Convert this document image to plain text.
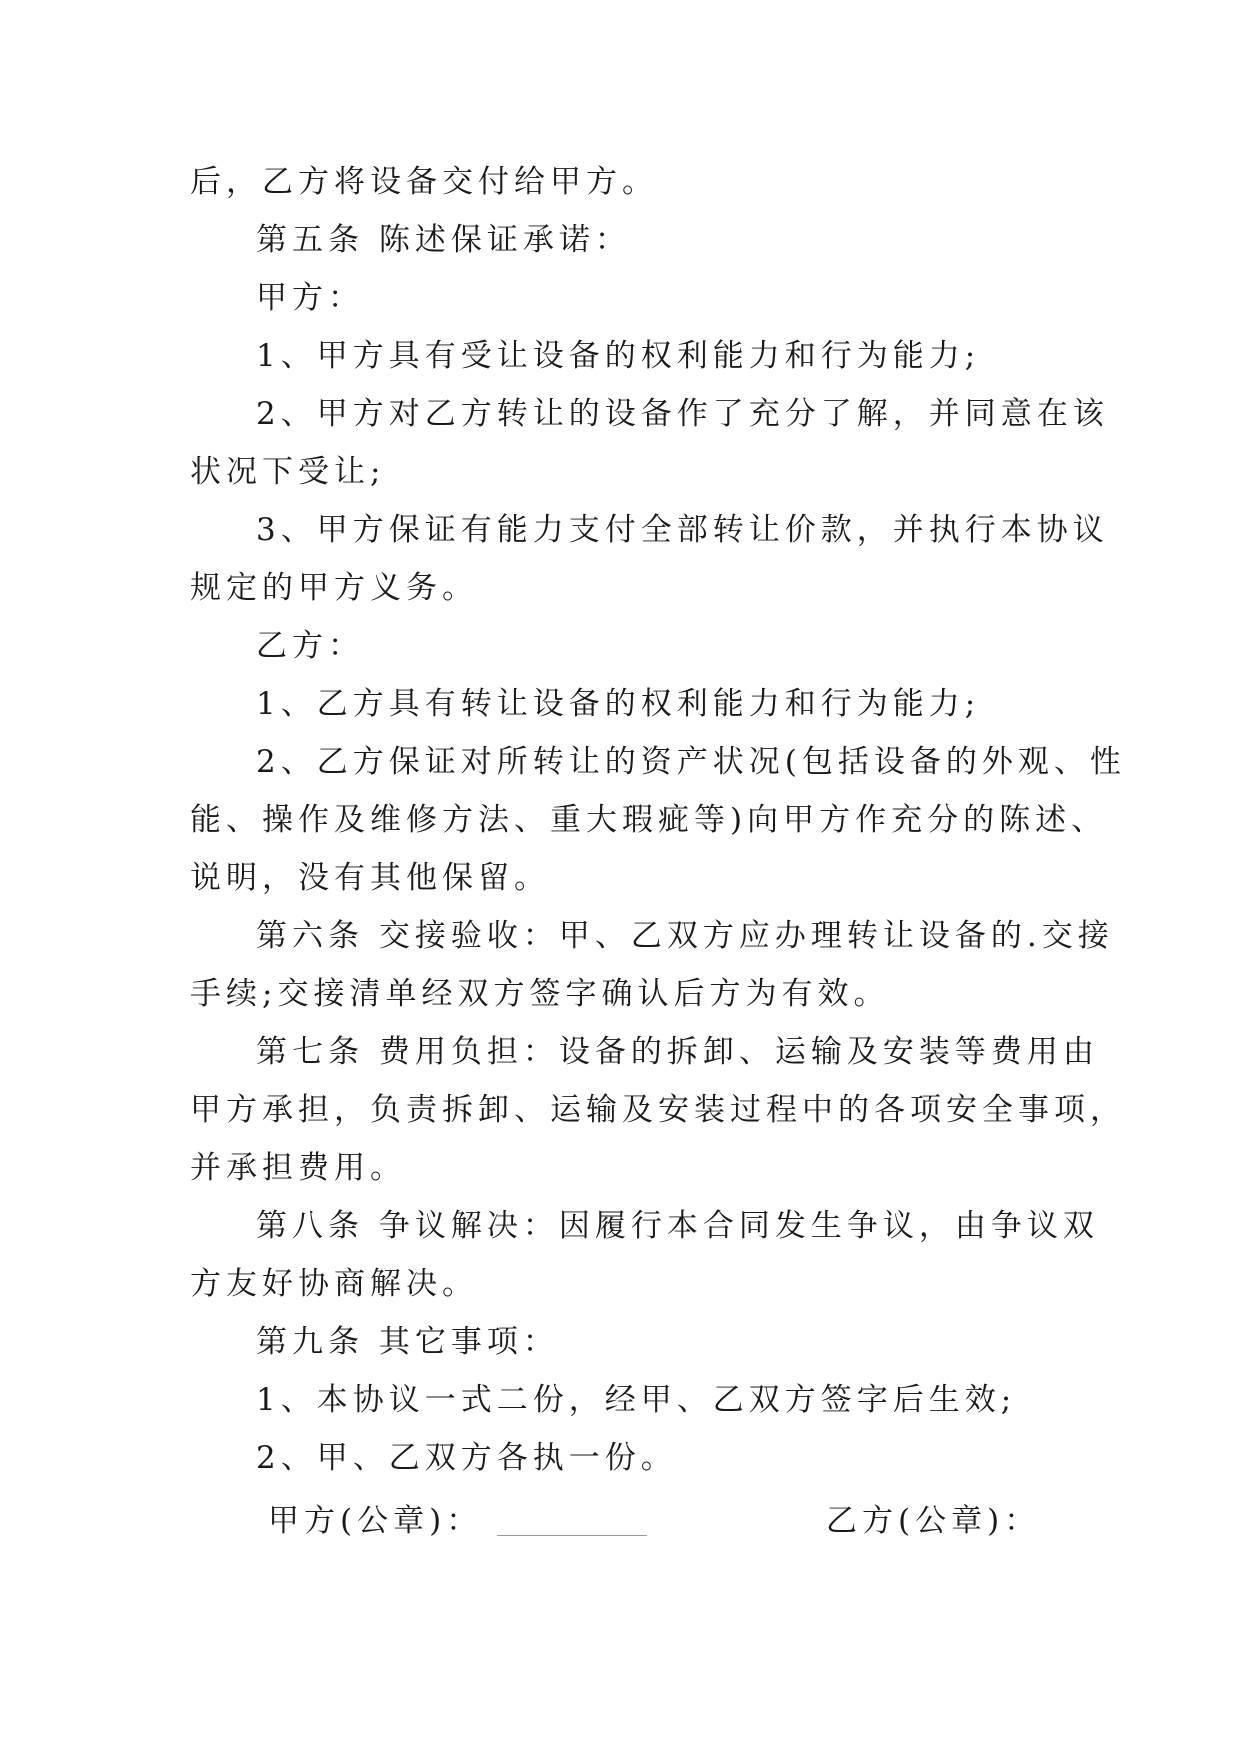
后，乙方将设备交付给甲方。
第五条 陈述保证承诺：
甲方：
1、甲方具有受让设备的权利能力和行为能力;
2、甲方对乙方转让的设备作了充分了解，并同意在该
状况下受让;
3、甲方保证有能力支付全部转让价款，并执行本协议
规定的甲方义务。
乙方：
1、乙方具有转让设备的权利能力和行为能力;
2、乙方保证对所转让的资产状况(包括设备的外观、性
能、操作及维修方法、重大瑕疵等)向甲方作充分的陈述、
说明，没有其他保留。
第六条 交接验收：甲、乙双方应办理转让设备的.交接
手续;交接清单经双方签字确认后方为有效。
第七条 费用负担：设备的拆卸、运输及安装等费用由
甲方承担，负责拆卸、运输及安装过程中的各项安全事项，
并承担费用。
第八条 争议解决：因履行本合同发生争议，由争议双
方友好协商解决。
第九条 其它事项：
1、本协议一式二份，经甲、乙双方签字后生效;
2、甲、乙双方各执一份。
甲方(公章)：	乙方(公章)：
